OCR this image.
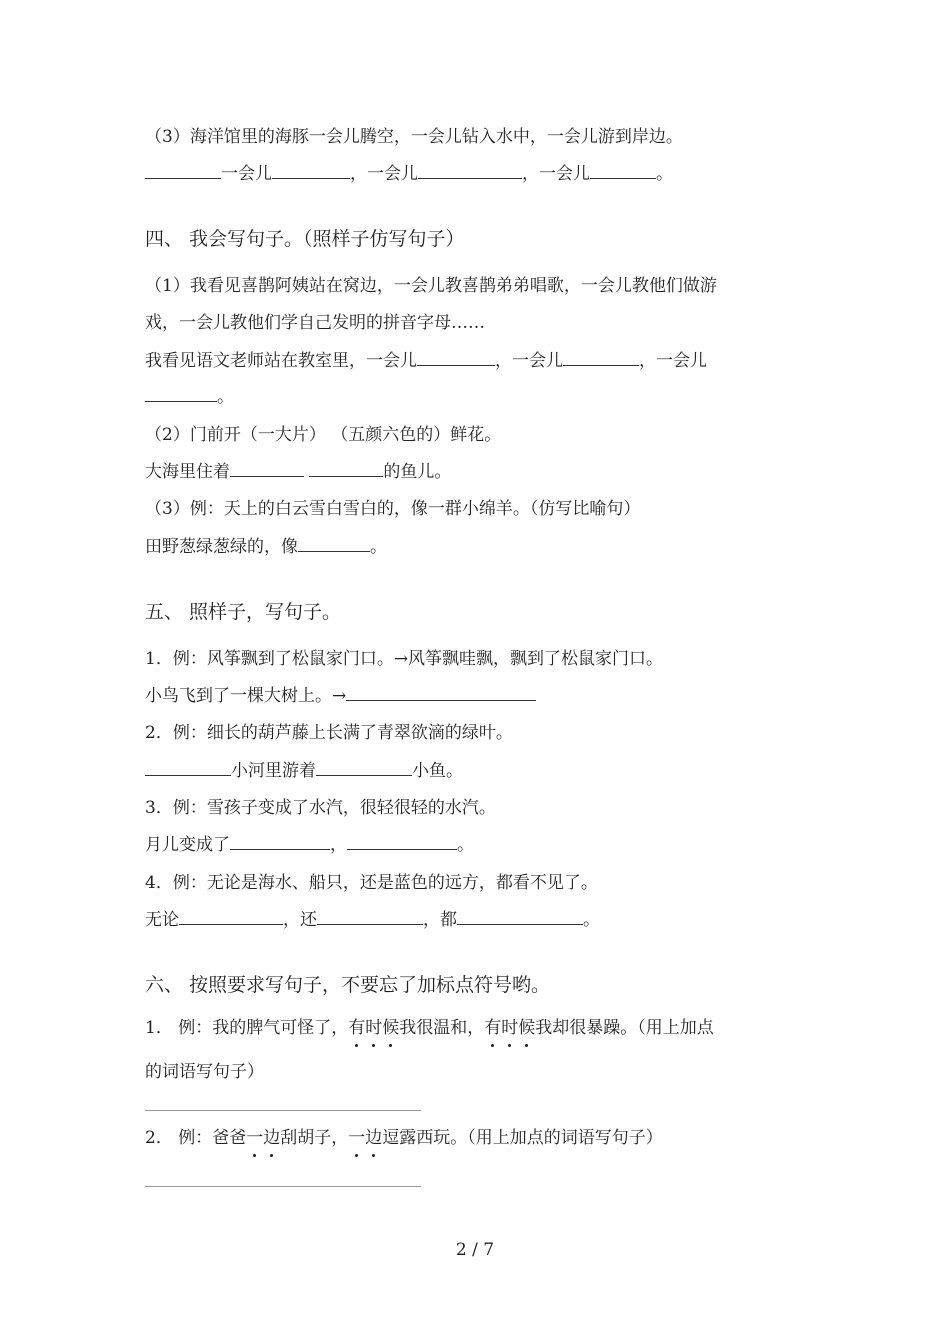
（3）海洋馆里的海豚一会儿腾空，一会儿钻入水中，一会儿游到岸边。
一会儿	，一会儿	，一会儿	。
四、 我会写句子。（照样子仿写句子）
（1）我看见喜鹊阿姨站在窝边，一会儿教喜鹊弟弟唱歌，一会儿教他们做游
戏，一会儿教他们学自己发明的拼音字母……
我看见语文老师站在教室里，一会儿	，一会儿	，一会儿
。
（2）门前开（一大片） （五颜六色的）鲜花。
大海里住着	的鱼儿。
（3）例：天上的白云雪白雪白的，像一群小绵羊。（仿写比喻句）
田野葱绿葱绿的，像	。
五、 照样子，写句子。
1．例：风筝飘到了松鼠家门口。→风筝飘哇飘，飘到了松鼠家门口。
小鸟飞到了一棵大树上。→
2．例：细长的葫芦藤上长满了青翠欲滴的绿叶。
小河里游着	小鱼。
3．例：雪孩子变成了水汽，很轻很轻的水汽。
月儿变成了	，	。
4．例：无论是海水、船只，还是蓝色的远方，都看不见了。
无论	，还	，都	。
六、 按照要求写句子，不要忘了加标点符号哟。
1． 例：我的脾气可怪了，有时候我很温和，有时候我却很暴躁。（用上加点
的词语写句子）
2． 例：爸爸一边刮胡子，一边逗露西玩。（用上加点的词语写句子）
2 / 7
